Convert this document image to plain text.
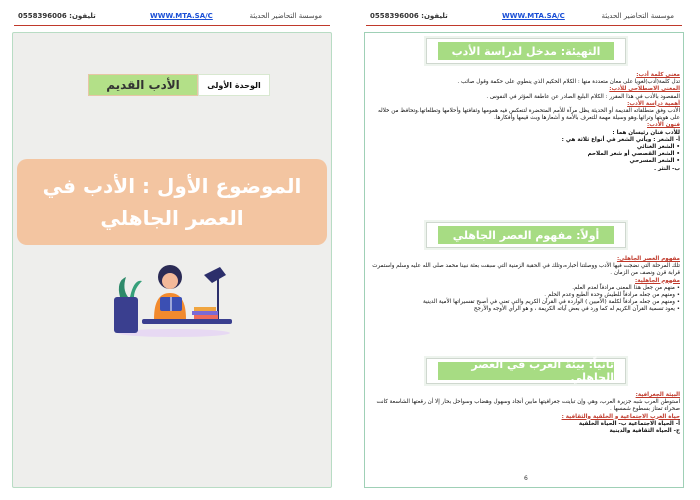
تليفون: 0558396006	WWW.MTA.SA/C	موسسة التحاضير الحديثة
الأدب القديم	الوحدة الأولى
الموضوع الأول : الأدب في العصر الجاهلي
تليفون: 0558396006	WWW.MTA.SA/C	موسسة التحاضير الحديثة
التهيئة: مدخل لدراسة الأدب
معنى كلمة أدب:
تدل كلمة(أدب)لغويا على معان متعددة منها : الكلام الحكيم الذي ينطوي على حكمة وقول صائب .
المعنى الاصطلاحي للأدب:
المقصود بالأدب في هذا المقرر : الكلام البليغ الصادر عن عاطفة المؤثر في النفوس .
أهمية دراسة الأدب:
الأدب وفق منطلقاته القديمة أو الحديثة يظل مرآة للأمم المتحضرة لتنعكس فيه همومها وثقافتها وأحلامها وتطلعاتها.وتحافظ من خلاله على هويتها وتراثها.وهو وسيلة مهمة للتعرف بالأمة و أشعارها وبث قيمها وأفكارها.
فنون الأدب:
للأدب فنان رئيسان هما :
أ- الشعر : ويأتي الشعر في أنواع ثلاثة هي :
• الشعر الغنائي
• الشعر القصصي أو شعر الملاحم
• الشعر المسرحي
ب- النثر .
أولاً: مفهوم العصر الجاهلي
مفهوم العصر الجاهلي:
تلك المرحلة التي نضجت فيها الأدب ووصلتنا أخباره،وتلك في الحقبة الزمنية التي سبقت بعثة نبينا محمد صلى الله عليه وسلم واستمرت قرابة قرن ونصف من الزمان .
مفهوم الجاهلية:
• منهم من جعل هذا المعنى مرادفاً لعدم العلم.
• ومنهم من جعله مرادفاً للطيش وحدة الطبع وعدم الحلم .
• ومنهم من جعله مرادفاً لكلمة (الأميين ) الواردة في القرآن الكريم والتي تعني في أصبح تفسيراتها الأمية الدينية
• يعود تسمية القرآن الكريم له كما ورد في بعض آياته الكريمة ، و هو الرأي الأوجه والأرجح
ثانياً: بيئة العرب في العصر الجاهلي
البيئة الجغرافية:
استوطن العرب شبه جزيرة العرب، وهي وإن تباينت جغرافيتها مابين أنجاد وسهول وهضاب وسواحل بحار إلا أن رقعتها الشاسعة كانت صحراء تمتاز بسطوع شمسها .
حياة العرب الاجتماعية و الخلقية والثقافية :
أ- الحياة الاجتماعية ب- الحياة الخلقية
ج- الحياة الثقافية والدينية
6
